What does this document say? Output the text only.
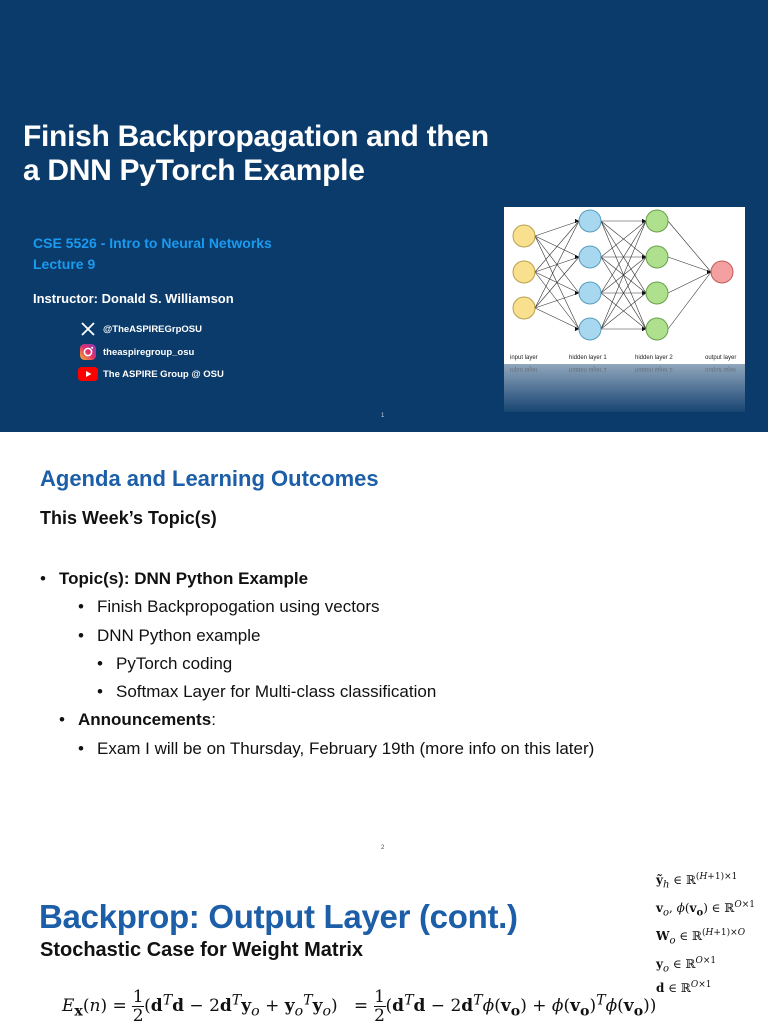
Finish Backpropagation and then
a DNN PyTorch Example
CSE 5526 - Intro to Neural Networks
Lecture 9
Instructor: Donald S. Williamson
@TheASPIREGrpOSU
theaspiregroup_osu
The ASPIRE Group @ OSU
input layer	hidden layer 1	hidden layer 2	output layer
input layer	hidden layer 1	hidden layer 2	output layer
1
Agenda and Learning Outcomes
This Week’s Topic(s)
• Topic(s): DNN Python Example
• Finish Backpropogation using vectors
• DNN Python example
• PyTorch coding
• Softmax Layer for Multi-class classification
• Announcements:
• Exam I will be on Thursday, February 19th (more info on this later)
2
Backprop: Output Layer (cont.)
Stochastic Case for Weight Matrix
ỹ$_h$ ∈ ℝ$^{(H+1)\times 1}$
$v_o$, $\phi(v_o)$ ∈ ℝ$^{O\times 1}$
$W_o$ ∈ ℝ$^{(H+1)\times O}$
$y_o$ ∈ ℝ$^{O\times 1}$
d ∈ ℝ$^{O\times 1}$
$E_x(n) = 1$
$2(d^Td - 2d^Ty_o + y_o^Ty_o) = 1$
$2(d^Td - 2d^T\phi(v_o) + \phi(v_o)^T\phi(v_o))$
